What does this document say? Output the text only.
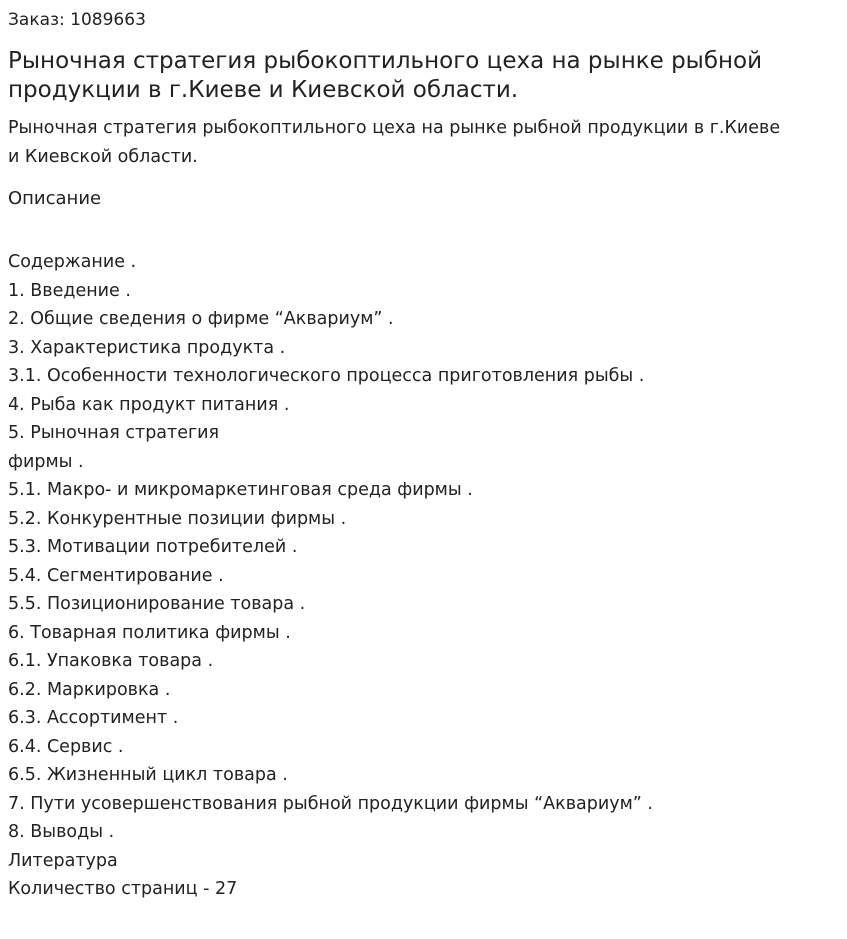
Заказ: 1089663
Рыночная стратегия рыбокоптильного цеха на рынке рыбной продукции в г.Киеве и Киевской области.

Рыночная стратегия рыбокоптильного цеха на рынке рыбной продукции в г.Киеве и Киевской области.

Описание
Содержание .
1. Введение .
2. Общие сведения о фирме “Аквариум” .
3. Характеристика продукта .
3.1. Особенности технологического процесса приготовления рыбы .
4. Рыба как продукт питания .
5. Рыночная стратегия
фирмы .
5.1. Макро- и микромаркетинговая среда фирмы .
5.2. Конкурентные позиции фирмы .
5.3. Мотивации потребителей .
5.4. Сегментирование .
5.5. Позиционирование товара .
6. Товарная политика фирмы .
6.1. Упаковка товара .
6.2. Маркировка .
6.3. Ассортимент .
6.4. Сервис .
6.5. Жизненный цикл товара .
7. Пути усовершенствования рыбной продукции фирмы “Аквариум” .
8. Выводы .
Литература
Количество страниц - 27
